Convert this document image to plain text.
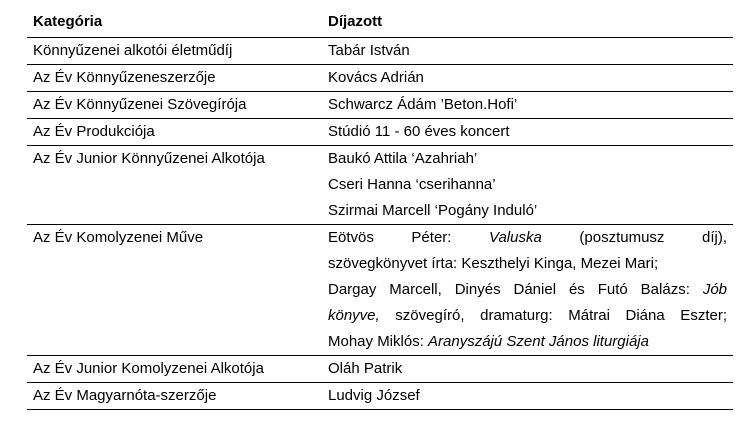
Kategória	Díjazott
Könnyűzenei alkotói életműdíj	Tabár István
Az Év Könnyűzeneszerzője	Kovács Adrián
Az Év Könnyűzenei Szövegírója	Schwarcz Ádám ’Beton.Hofi’
Az Év Produkciója	Stúdió 11 - 60 éves koncert
Az Év Junior Könnyűzenei Alkotója	Baukó Attila ‘Azahriah’
Cseri Hanna ‘cserihanna’
Szirmai Marcell ‘Pogány Induló’

Az Év Komolyzenei Műve	Eötvös Péter: Valuska (posztumusz díj),
szövegkönyvet írta: Keszthelyi Kinga, Mezei Mari;
Dargay Marcell, Dinyés Dániel és Futó Balázs: Jób
könyve, szövegíró, dramaturg: Mátrai Diána Eszter;
Mohay Miklós: Aranyszájú Szent János liturgiája

Az Év Junior Komolyzenei Alkotója	Oláh Patrik
Az Év Magyarnóta-szerzője	Ludvig József
